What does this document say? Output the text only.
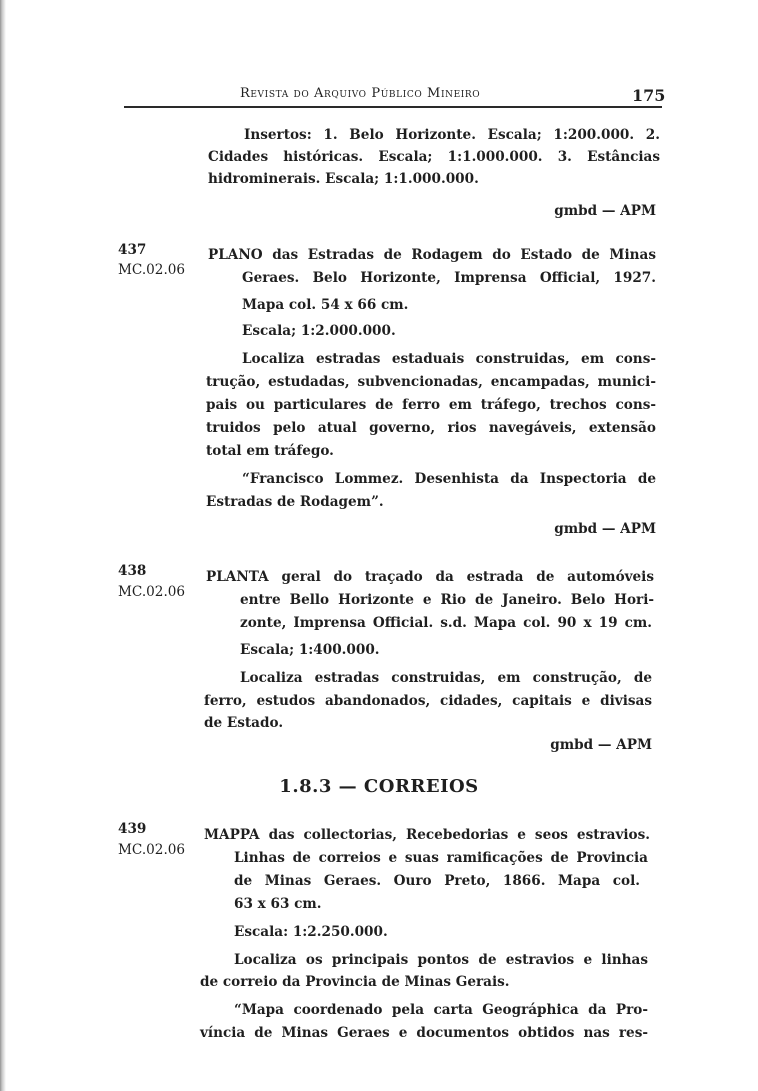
Revista do Arquivo Público Mineiro	175
Insertos: 1. Belo Horizonte. Escala; 1:200.000. 2.
Cidades históricas. Escala; 1:1.000.000. 3. Estâncias
hidrominerais. Escala; 1:1.000.000.
gmbd — APM
437
MC.02.06
PLANO das Estradas de Rodagem do Estado de Minas
Geraes. Belo Horizonte, Imprensa Official, 1927.
Mapa col. 54 x 66 cm.
Escala; 1:2.000.000.
Localiza estradas estaduais construidas, em cons-
trução, estudadas, subvencionadas, encampadas, munici-
pais ou particulares de ferro em tráfego, trechos cons-
truidos pelo atual governo, rios navegáveis, extensão
total em tráfego.
“Francisco Lommez. Desenhista da Inspectoria de
Estradas de Rodagem”.
gmbd — APM
438
MC.02.06
PLANTA geral do traçado da estrada de automóveis
entre Bello Horizonte e Rio de Janeiro. Belo Hori-
zonte, Imprensa Official. s.d. Mapa col. 90 x 19 cm.
Escala; 1:400.000.
Localiza estradas construidas, em construção, de
ferro, estudos abandonados, cidades, capitais e divisas
de Estado.
gmbd — APM
1.8.3 — CORREIOS
439
MC.02.06
MAPPA das collectorias, Recebedorias e seos estravios.
Linhas de correios e suas ramificações de Provincia
de Minas Geraes. Ouro Preto, 1866. Mapa col.
63 x 63 cm.
Escala: 1:2.250.000.
Localiza os principais pontos de estravios e linhas
de correio da Provincia de Minas Gerais.
“Mapa coordenado pela carta Geográphica da Pro-
víncia de Minas Geraes e documentos obtidos nas res-
